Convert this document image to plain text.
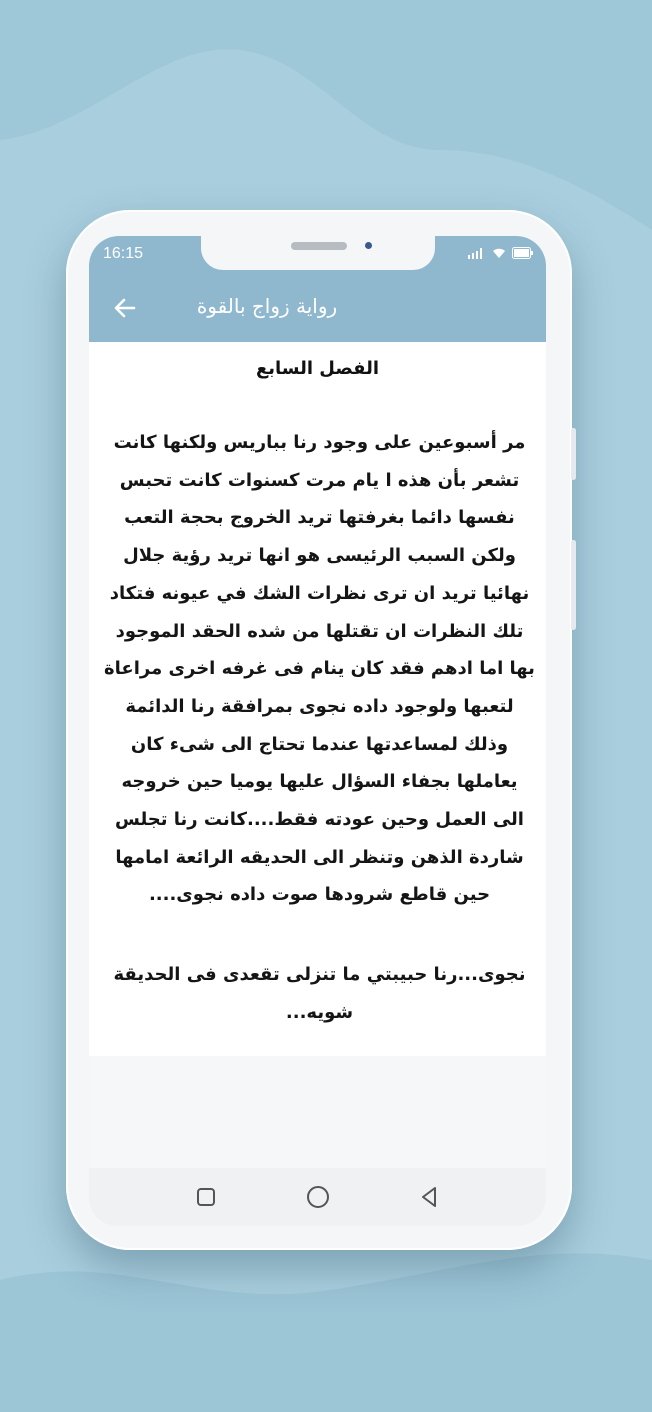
16:15
رواية زواج بالقوة
الفصل السابع
مر أسبوعين على وجود رنا بباريس ولكنها كانت تشعر بأن هذه ا يام مرت كسنوات كانت تحبس نفسها دائما بغرفتها تريد الخروج بحجة التعب ولكن السبب الرئيسى هو انها تريد رؤية جلال نهائيا تريد ان ترى نظرات الشك في عيونه فتكاد تلك النظرات ان تقتلها من شده الحقد الموجود بها اما ادهم فقد كان ينام فى غرفه اخرى مراعاة لتعبها ولوجود داده نجوى بمرافقة رنا الدائمة وذلك لمساعدتها عندما تحتاج الى شىء كان يعاملها بجفاء السؤال عليها يوميا حين خروجه الى العمل وحين عودته فقط....كانت رنا تجلس شاردة الذهن وتنظر الى الحديقه الرائعة امامها حين قاطع شرودها صوت داده نجوى....
نجوى...رنا حبيبتي ما تنزلى تقعدى فى الحديقة شويه...
